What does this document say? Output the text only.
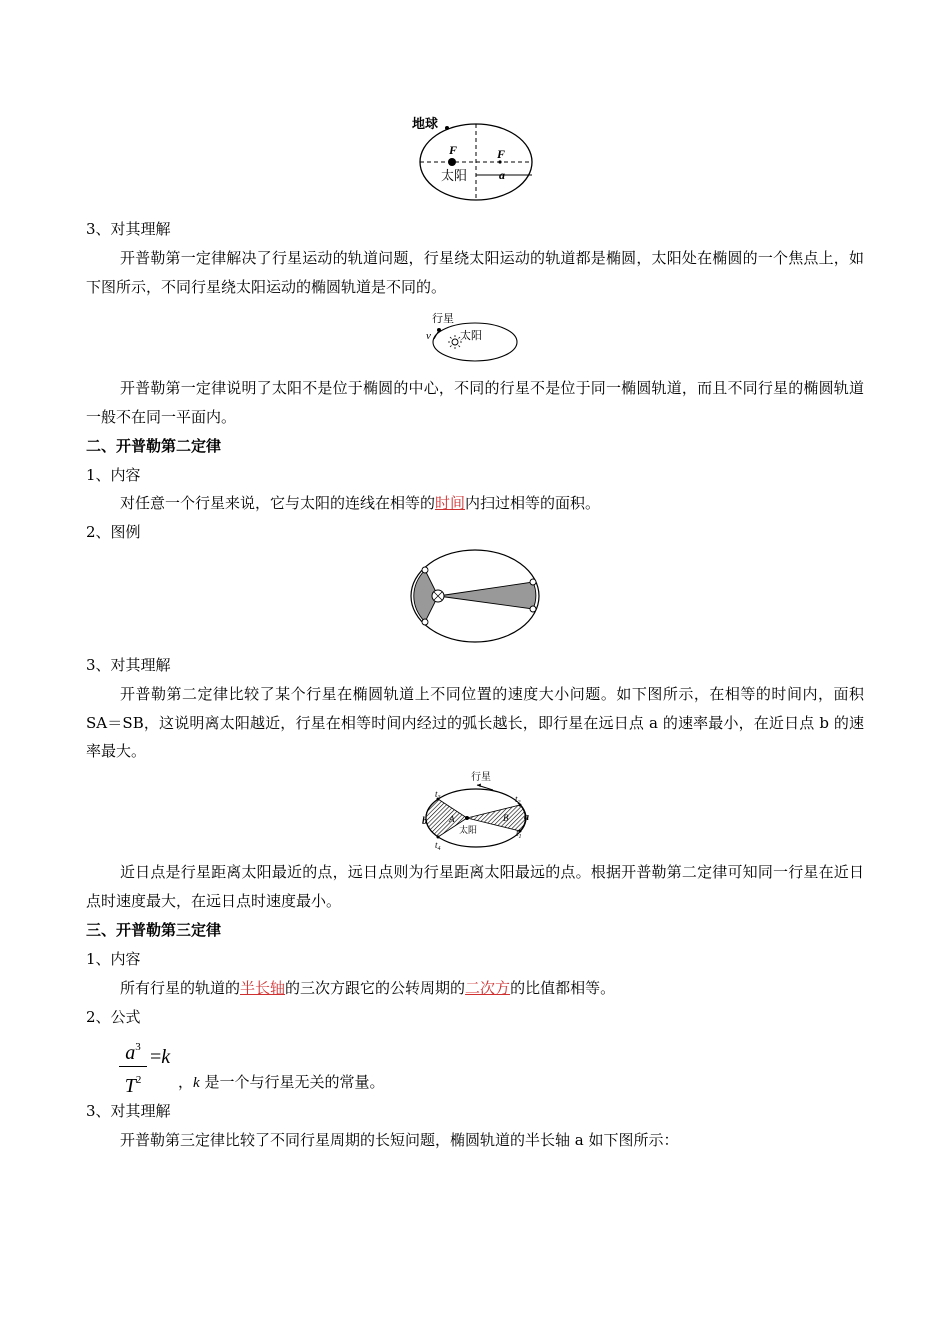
地球
F	F
太阳	a
3、对其理解
开普勒第一定律解决了行星运动的轨道问题，行星绕太阳运动的轨道都是椭圆，太阳处在椭圆的一个焦点上，如下图所示，不同行星绕太阳运动的椭圆轨道是不同的。
行星
v	太阳
开普勒第一定律说明了太阳不是位于椭圆的中心，不同的行星不是位于同一椭圆轨道，而且不同行星的椭圆轨道一般不在同一平面内。
二、开普勒第二定律
1、内容
对任意一个行星来说，它与太阳的连线在相等的时间内扫过相等的面积。
2、图例
3、对其理解
开普勒第二定律比较了某个行星在椭圆轨道上不同位置的速度大小问题。如下图所示，在相等的时间内，面积 SA＝SB，这说明离太阳越近，行星在相等时间内经过的弧长越长，即行星在远日点 a 的速率最小，在近日点 b 的速率最大。
行星
$t_3$
$t_4$
$t_2$
$t_1$
b	a
A	B
太阳
近日点是行星距离太阳最近的点，远日点则为行星距离太阳最远的点。根据开普勒第二定律可知同一行星在近日点时速度最大，在远日点时速度最小。
三、开普勒第三定律
1、内容
所有行星的轨道的半长轴的三次方跟它的公转周期的二次方的比值都相等。
2、公式
$a^3$
$T^2$
=k
，k 是一个与行星无关的常量。
3、对其理解
开普勒第三定律比较了不同行星周期的长短问题，椭圆轨道的半长轴 a 如下图所示：
